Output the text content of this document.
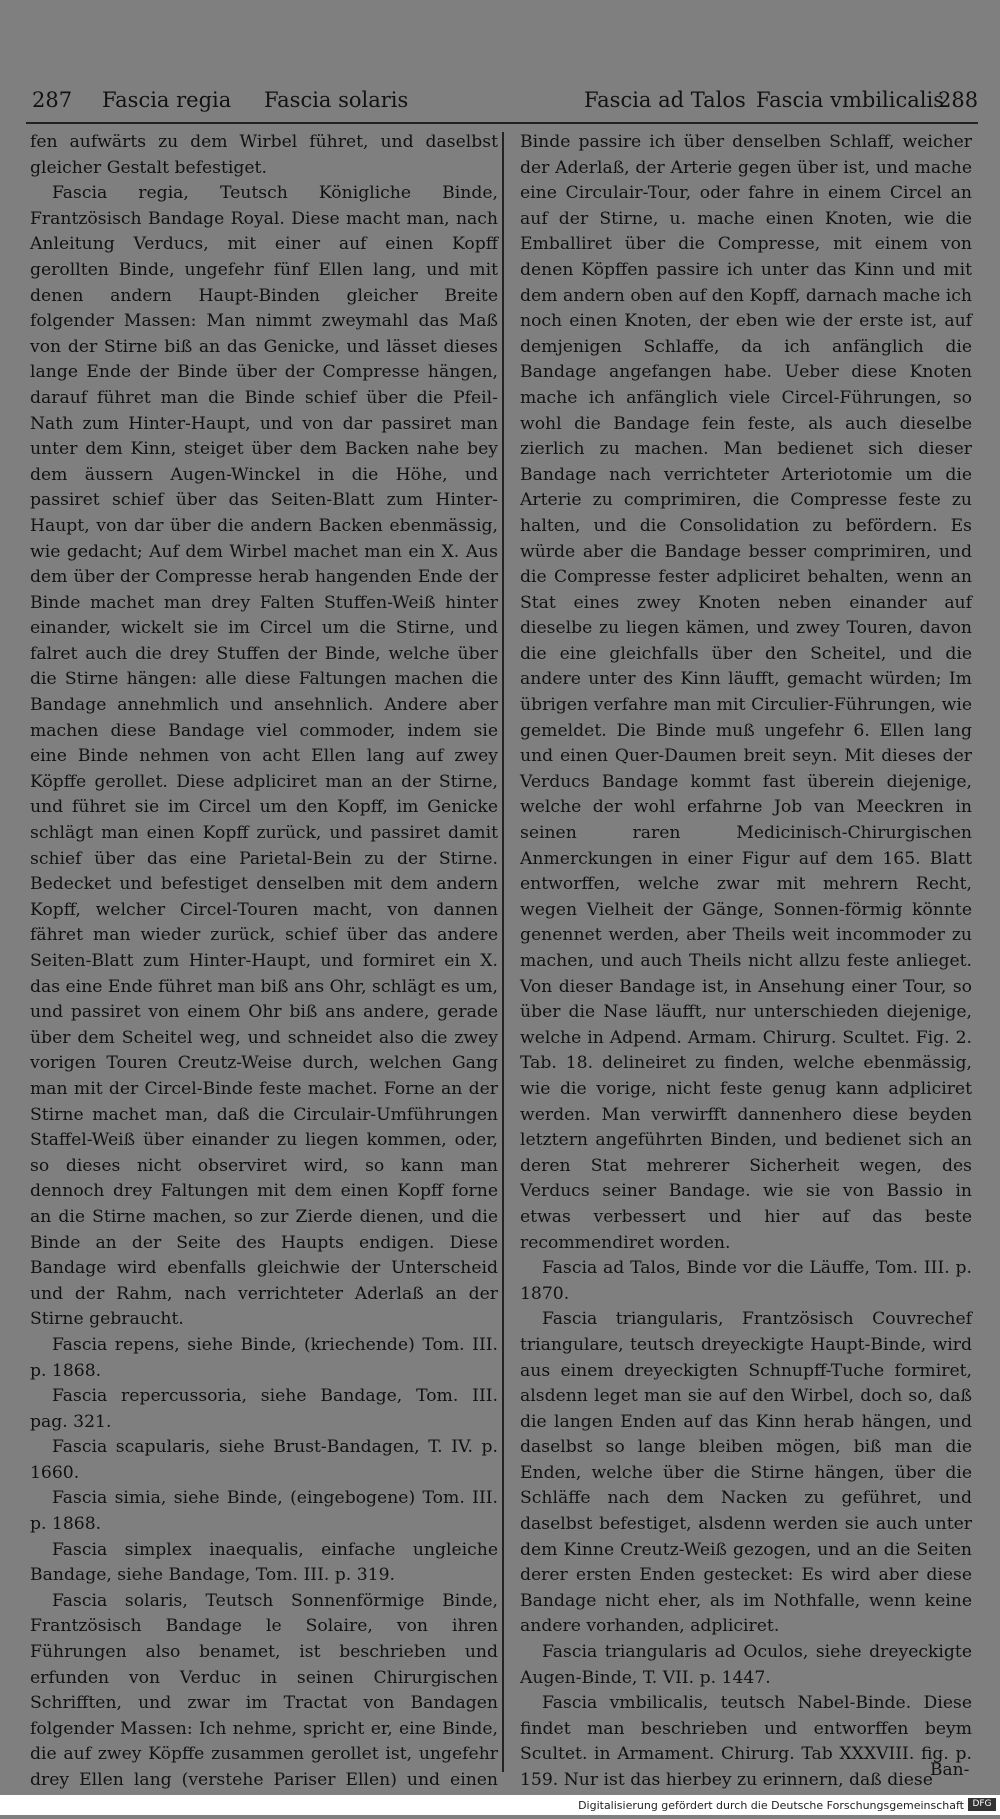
287 Fascia regia Fascia solaris	Fascia ad Talos Fascia vmbilicalis
288

fen aufwärts zu dem Wirbel führet, und daselbst gleicher Gestalt befestiget.

Fascia regia, Teutsch Königliche Binde, Frantzösisch Bandage Royal. Diese macht man, nach Anleitung Verducs, mit einer auf einen Kopff gerollten Binde, ungefehr fünf Ellen lang, und mit denen andern Haupt-Binden gleicher Breite folgender Massen: Man nimmt zweymahl das Maß von der Stirne biß an das Genicke, und lässet dieses lange Ende der Binde über der Compresse hängen, darauf führet man die Binde schief über die Pfeil-Nath zum Hinter-Haupt, und von dar passiret man unter dem Kinn, steiget über dem Backen nahe bey dem äussern Augen-Winckel in die Höhe, und passiret schief über das Seiten-Blatt zum Hinter-Haupt, von dar über die andern Backen ebenmässig, wie gedacht; Auf dem Wirbel machet man ein X. Aus dem über der Compresse herab hangenden Ende der Binde machet man drey Falten Stuffen-Weiß hinter einander, wickelt sie im Circel um die Stirne, und falret auch die drey Stuffen der Binde, welche über die Stirne hängen: alle diese Faltungen machen die Bandage annehmlich und ansehnlich. Andere aber machen diese Bandage viel commoder, indem sie eine Binde nehmen von acht Ellen lang auf zwey Köpffe gerollet. Diese adpliciret man an der Stirne, und führet sie im Circel um den Kopff, im Genicke schlägt man einen Kopff zurück, und passiret damit schief über das eine Parietal-Bein zu der Stirne. Bedecket und befestiget denselben mit dem andern Kopff, welcher Circel-Touren macht, von dannen fähret man wieder zurück, schief über das andere Seiten-Blatt zum Hinter-Haupt, und formiret ein X. das eine Ende führet man biß ans Ohr, schlägt es um, und passiret von einem Ohr biß ans andere, gerade über dem Scheitel weg, und schneidet also die zwey vorigen Touren Creutz-Weise durch, welchen Gang man mit der Circel-Binde feste machet. Forne an der Stirne machet man, daß die Circulair-Umführungen Staffel-Weiß über einander zu liegen kommen, oder, so dieses nicht observiret wird, so kann man dennoch drey Faltungen mit dem einen Kopff forne an die Stirne machen, so zur Zierde dienen, und die Binde an der Seite des Haupts endigen. Diese Bandage wird ebenfalls gleichwie der Unterscheid und der Rahm, nach verrichteter Aderlaß an der Stirne gebraucht.

Fascia repens, siehe Binde, (kriechende) Tom. III. p. 1868.

Fascia repercussoria, siehe Bandage, Tom. III. pag. 321.

Fascia scapularis, siehe Brust-Bandagen, T. IV. p. 1660.

Fascia simia, siehe Binde, (eingebogene) Tom. III. p. 1868.

Fascia simplex inaequalis, einfache ungleiche Bandage, siehe Bandage, Tom. III. p. 319.

Fascia solaris, Teutsch Sonnenförmige Binde, Frantzösisch Bandage le Solaire, von ihren Führungen also benamet, ist beschrieben und erfunden von Verduc in seinen Chirurgischen Schrifften, und zwar im Tractat von Bandagen folgender Massen: Ich nehme, spricht er, eine Binde, die auf zwey Köpffe zusammen gerollet ist, ungefehr drey Ellen lang (verstehe Pariser Ellen) und einen

Binde passire ich über denselben Schlaff, weicher der Aderlaß, der Arterie gegen über ist, und mache eine Circulair-Tour, oder fahre in einem Circel an auf der Stirne, u. mache einen Knoten, wie die Emballiret über die Compresse, mit einem von denen Köpffen passire ich unter das Kinn und mit dem andern oben auf den Kopff, darnach mache ich noch einen Knoten, der eben wie der erste ist, auf demjenigen Schlaffe, da ich anfänglich die Bandage angefangen habe. Ueber diese Knoten mache ich anfänglich viele Circel-Führungen, so wohl die Bandage fein feste, als auch dieselbe zierlich zu machen. Man bedienet sich dieser Bandage nach verrichteter Arteriotomie um die Arterie zu comprimiren, die Compresse feste zu halten, und die Consolidation zu befördern. Es würde aber die Bandage besser comprimiren, und die Compresse fester adpliciret behalten, wenn an Stat eines zwey Knoten neben einander auf dieselbe zu liegen kämen, und zwey Touren, davon die eine gleichfalls über den Scheitel, und die andere unter des Kinn läufft, gemacht würden; Im übrigen verfahre man mit Circulier-Führungen, wie gemeldet. Die Binde muß ungefehr 6. Ellen lang und einen Quer-Daumen breit seyn. Mit dieses der Verducs Bandage kommt fast überein diejenige, welche der wohl erfahrne Job van Meeckren in seinen raren Medicinisch-Chirurgischen Anmerckungen in einer Figur auf dem 165. Blatt entworffen, welche zwar mit mehrern Recht, wegen Vielheit der Gänge, Sonnen-förmig könnte genennet werden, aber Theils weit incommoder zu machen, und auch Theils nicht allzu feste anlieget. Von dieser Bandage ist, in Ansehung einer Tour, so über die Nase läufft, nur unterschieden diejenige, welche in Adpend. Armam. Chirurg. Scultet. Fig. 2. Tab. 18. delineiret zu finden, welche ebenmässig, wie die vorige, nicht feste genug kann adpliciret werden. Man verwirfft dannenhero diese beyden letztern angeführten Binden, und bedienet sich an deren Stat mehrerer Sicherheit wegen, des Verducs seiner Bandage. wie sie von Bassio in etwas verbessert und hier auf das beste recommendiret worden.

Fascia ad Talos, Binde vor die Läuffe, Tom. III. p. 1870.

Fascia triangularis, Frantzösisch Couvrechef triangulare, teutsch dreyeckigte Haupt-Binde, wird aus einem dreyeckigten Schnupff-Tuche formiret, alsdenn leget man sie auf den Wirbel, doch so, daß die langen Enden auf das Kinn herab hängen, und daselbst so lange bleiben mögen, biß man die Enden, welche über die Stirne hängen, über die Schläffe nach dem Nacken zu geführet, und daselbst befestiget, alsdenn werden sie auch unter dem Kinne Creutz-Weiß gezogen, und an die Seiten derer ersten Enden gestecket: Es wird aber diese Bandage nicht eher, als im Nothfalle, wenn keine andere vorhanden, adpliciret.

Fascia triangularis ad Oculos, siehe dreyeckigte Augen-Binde, T. VII. p. 1447.

Fascia vmbilicalis, teutsch Nabel-Binde. Diese findet man beschrieben und entworffen beym Scultet. in Armament. Chirurg. Tab XXXVIII. fig. p. 159. Nur ist das hierbey zu erinnern, daß diese

Ban-
Digitalisierung gefördert durch die Deutsche Forschungsgemeinschaft DFG
